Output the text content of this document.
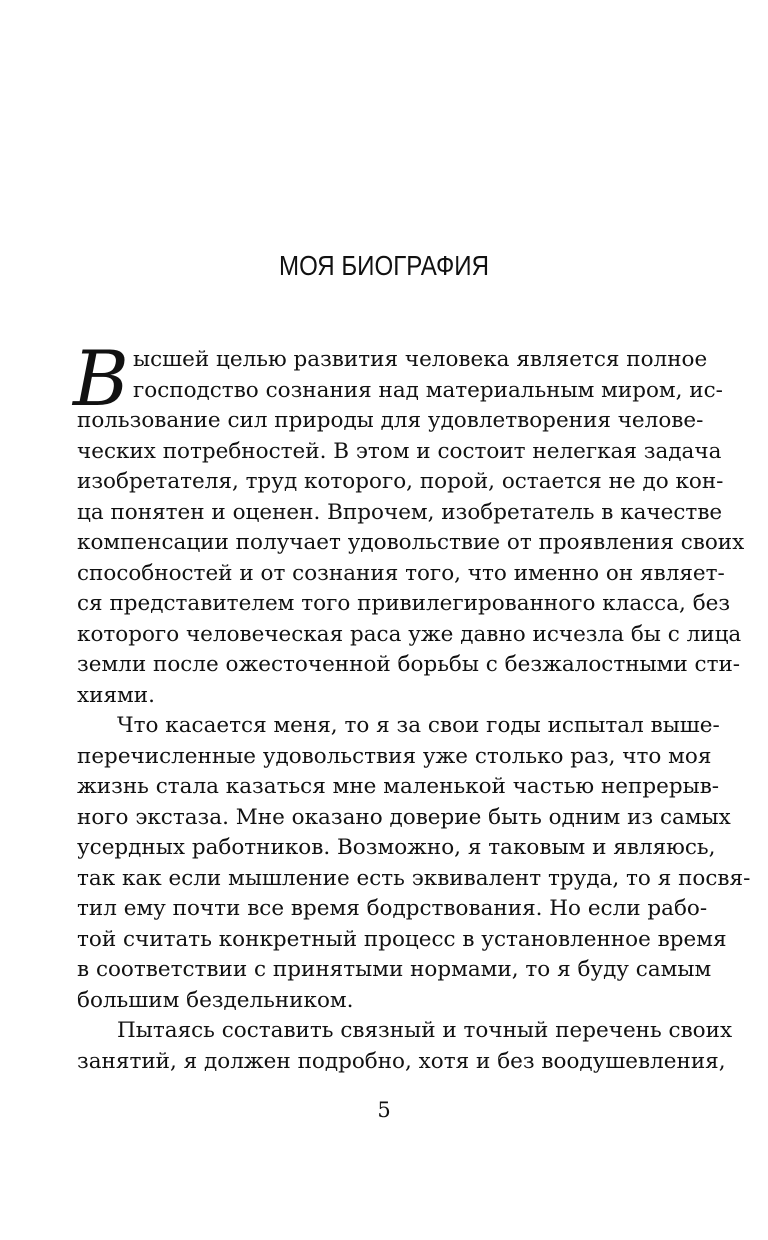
МОЯ БИОГРАФИЯ
В ысшей целью развития человека является полное
господство сознания над материальным миром, ис-
пользование сил природы для удовлетворения челове-
ческих потребностей. В этом и состоит нелегкая задача
изобретателя, труд которого, порой, остается не до кон-
ца понятен и оценен. Впрочем, изобретатель в качестве
компенсации получает удовольствие от проявления своих
способностей и от сознания того, что именно он являет-
ся представителем того привилегированного класса, без
которого человеческая раса уже давно исчезла бы с лица
земли после ожесточенной борьбы с безжалостными сти-
хиями.
Что касается меня, то я за свои годы испытал выше-
перечисленные удовольствия уже столько раз, что моя
жизнь стала казаться мне маленькой частью непрерыв-
ного экстаза. Мне оказано доверие быть одним из самых
усердных работников. Возможно, я таковым и являюсь,
так как если мышление есть эквивалент труда, то я посвя-
тил ему почти все время бодрствования. Но если рабо-
той считать конкретный процесс в установленное время
в соответствии с принятыми нормами, то я буду самым
большим бездельником.
Пытаясь составить связный и точный перечень своих
занятий, я должен подробно, хотя и без воодушевления,
5
